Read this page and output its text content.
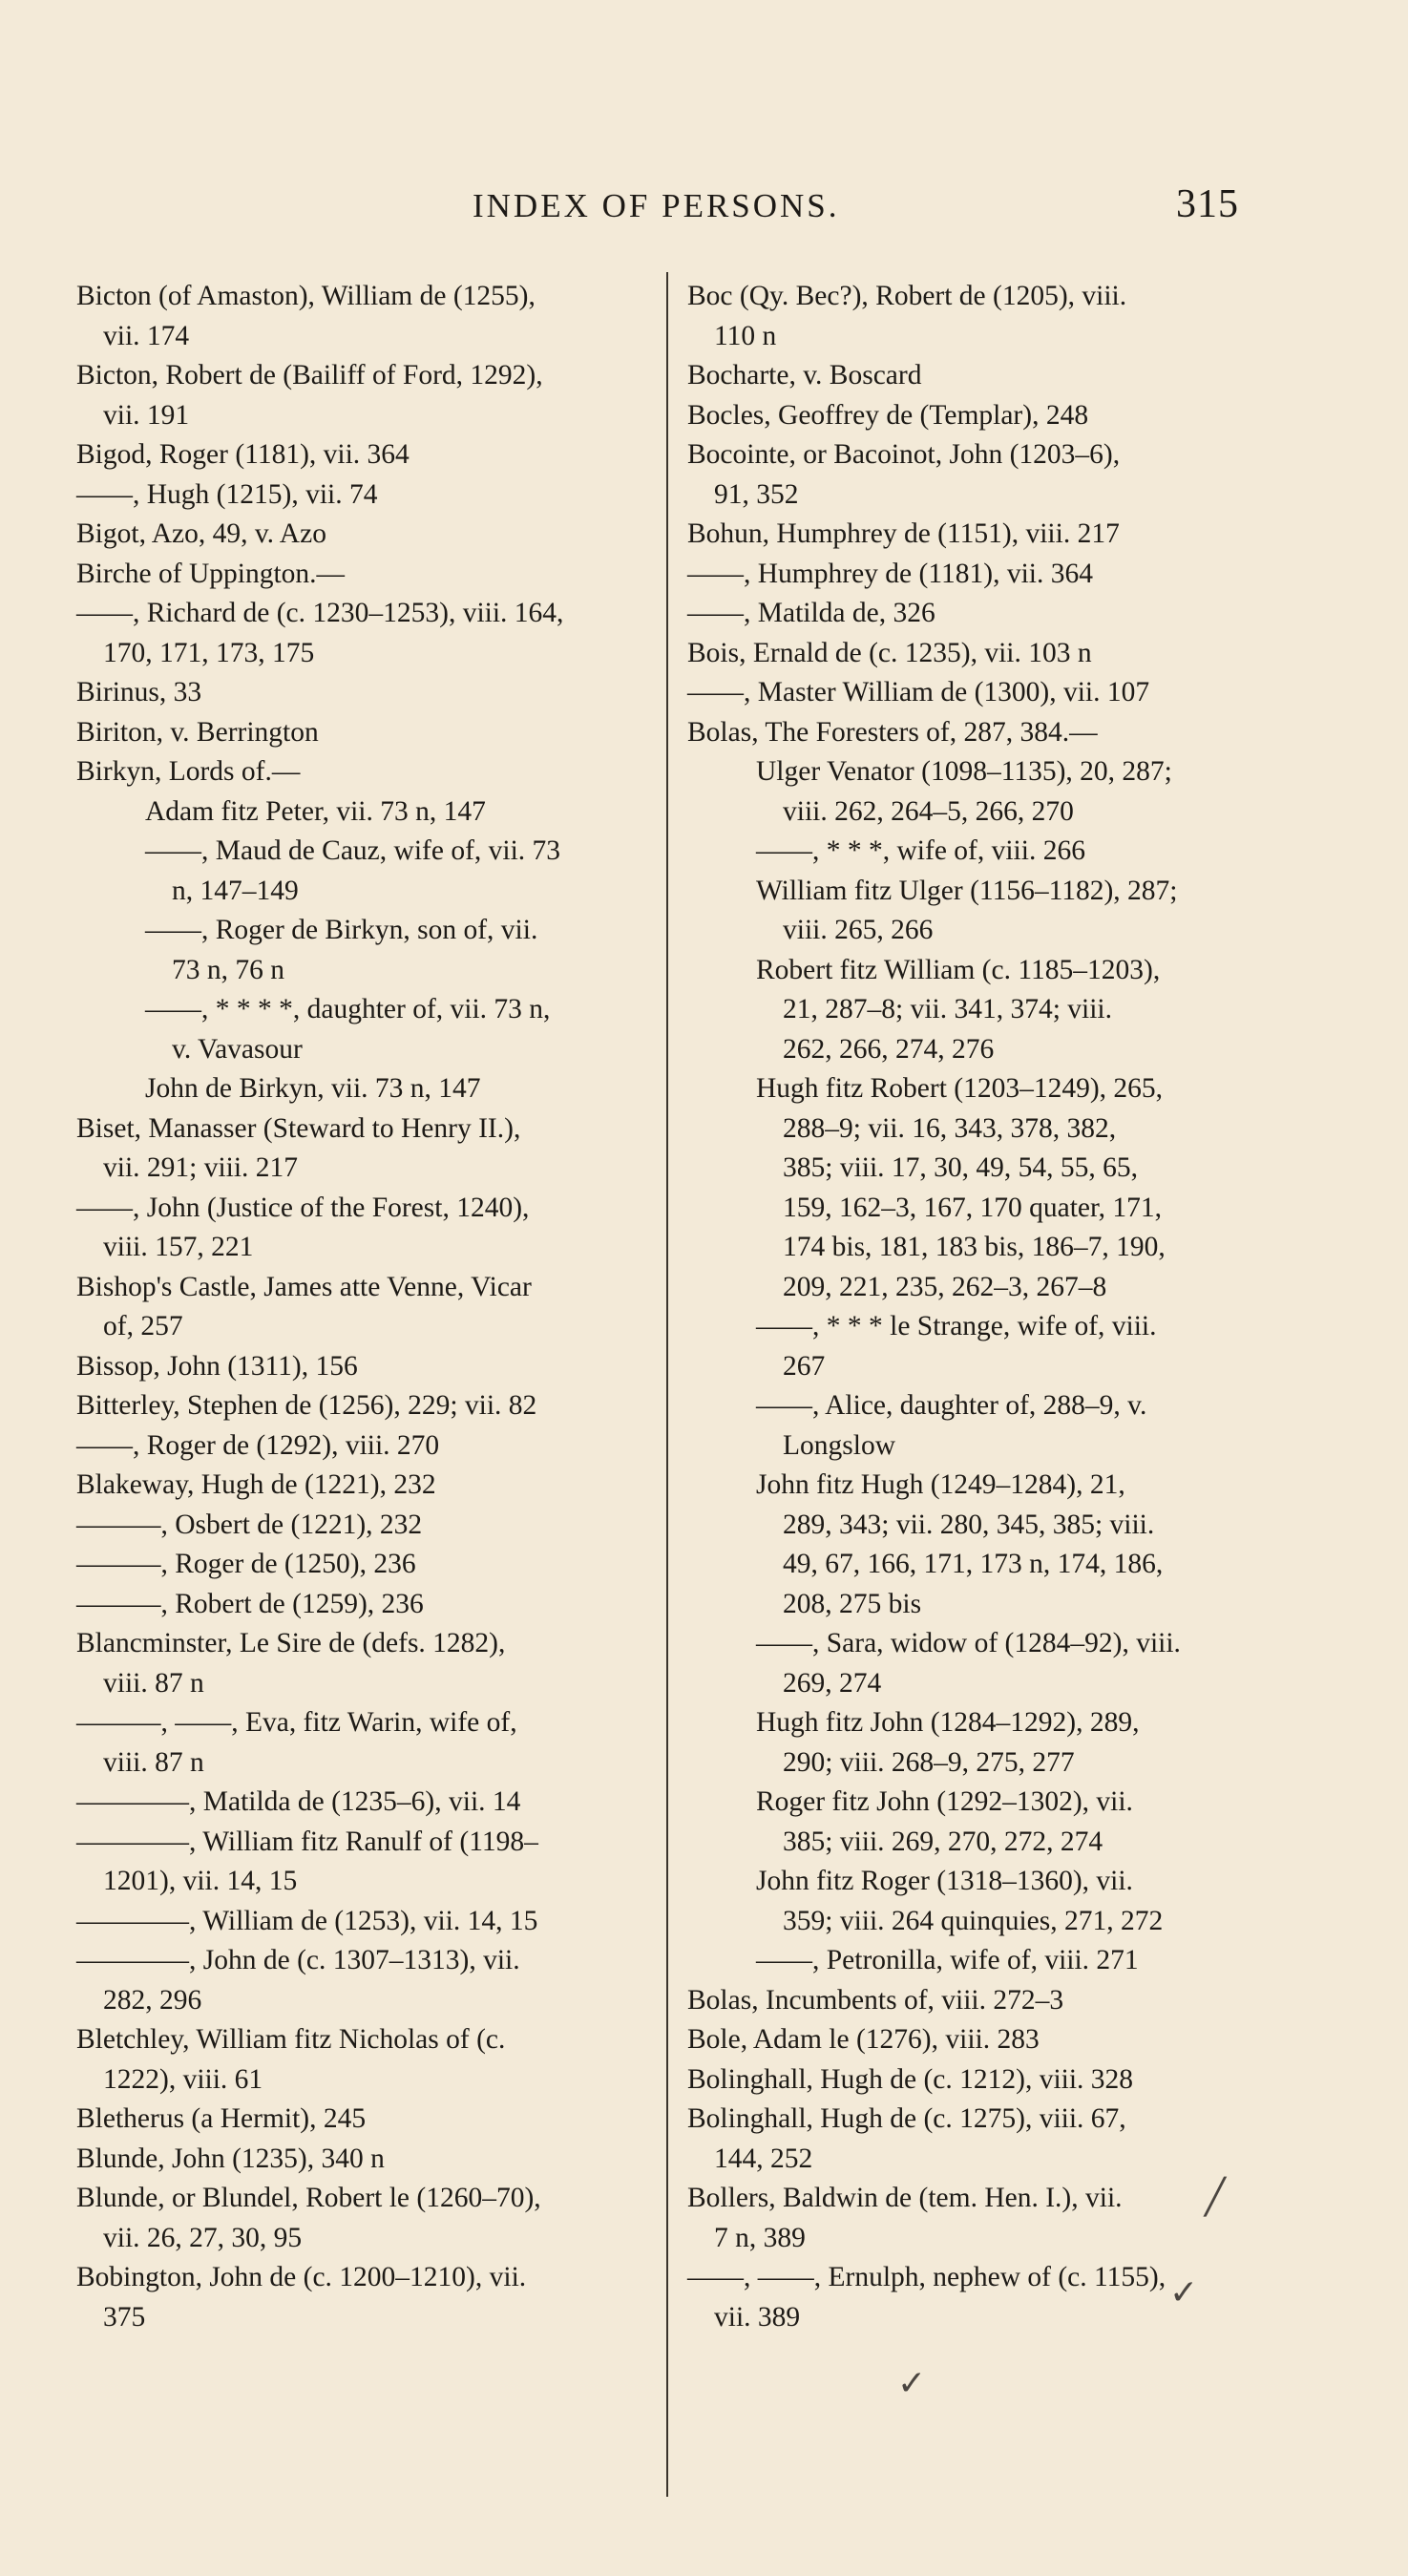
INDEX OF PERSONS.	315
Bicton (of Amaston), William de (1255),
vii. 174
Bicton, Robert de (Bailiff of Ford, 1292),
vii. 191
Bigod, Roger (1181), vii. 364
——, Hugh (1215), vii. 74
Bigot, Azo, 49, v. Azo
Birche of Uppington.—
——, Richard de (c. 1230–1253), viii. 164,
170, 171, 173, 175
Birinus, 33
Biriton, v. Berrington
Birkyn, Lords of.—
Adam fitz Peter, vii. 73 n, 147
——, Maud de Cauz, wife of, vii. 73
n, 147–149
——, Roger de Birkyn, son of, vii.
73 n, 76 n
——, * * * *, daughter of, vii. 73 n,
v. Vavasour
John de Birkyn, vii. 73 n, 147
Biset, Manasser (Steward to Henry II.),
vii. 291; viii. 217
——, John (Justice of the Forest, 1240),
viii. 157, 221
Bishop's Castle, James atte Venne, Vicar
of, 257
Bissop, John (1311), 156
Bitterley, Stephen de (1256), 229; vii. 82
——, Roger de (1292), viii. 270
Blakeway, Hugh de (1221), 232
———, Osbert de (1221), 232
———, Roger de (1250), 236
———, Robert de (1259), 236
Blancminster, Le Sire de (defs. 1282),
viii. 87 n
———, ——, Eva, fitz Warin, wife of,
viii. 87 n
————, Matilda de (1235–6), vii. 14
————, William fitz Ranulf of (1198–
1201), vii. 14, 15
————, William de (1253), vii. 14, 15
————, John de (c. 1307–1313), vii.
282, 296
Bletchley, William fitz Nicholas of (c.
1222), viii. 61
Bletherus (a Hermit), 245
Blunde, John (1235), 340 n
Blunde, or Blundel, Robert le (1260–70),
vii. 26, 27, 30, 95
Bobington, John de (c. 1200–1210), vii.
375
Boc (Qy. Bec?), Robert de (1205), viii.
110 n
Bocharte, v. Boscard
Bocles, Geoffrey de (Templar), 248
Bocointe, or Bacoinot, John (1203–6),
91, 352
Bohun, Humphrey de (1151), viii. 217
——, Humphrey de (1181), vii. 364
——, Matilda de, 326
Bois, Ernald de (c. 1235), vii. 103 n
——, Master William de (1300), vii. 107
Bolas, The Foresters of, 287, 384.—
Ulger Venator (1098–1135), 20, 287;
viii. 262, 264–5, 266, 270
——, * * *, wife of, viii. 266
William fitz Ulger (1156–1182), 287;
viii. 265, 266
Robert fitz William (c. 1185–1203),
21, 287–8; vii. 341, 374; viii.
262, 266, 274, 276
Hugh fitz Robert (1203–1249), 265,
288–9; vii. 16, 343, 378, 382,
385; viii. 17, 30, 49, 54, 55, 65,
159, 162–3, 167, 170 quater, 171,
174 bis, 181, 183 bis, 186–7, 190,
209, 221, 235, 262–3, 267–8
——, * * * le Strange, wife of, viii.
267
——, Alice, daughter of, 288–9, v.
Longslow
John fitz Hugh (1249–1284), 21,
289, 343; vii. 280, 345, 385; viii.
49, 67, 166, 171, 173 n, 174, 186,
208, 275 bis
——, Sara, widow of (1284–92), viii.
269, 274
Hugh fitz John (1284–1292), 289,
290; viii. 268–9, 275, 277
Roger fitz John (1292–1302), vii.
385; viii. 269, 270, 272, 274
John fitz Roger (1318–1360), vii.
359; viii. 264 quinquies, 271, 272
——, Petronilla, wife of, viii. 271
Bolas, Incumbents of, viii. 272–3
Bole, Adam le (1276), viii. 283
Bolinghall, Hugh de (c. 1212), viii. 328
Bolinghall, Hugh de (c. 1275), viii. 67,
144, 252
Bollers, Baldwin de (tem. Hen. I.), vii.
7 n, 389
——, ——, Ernulph, nephew of (c. 1155),
vii. 389
╱
✓
✓
